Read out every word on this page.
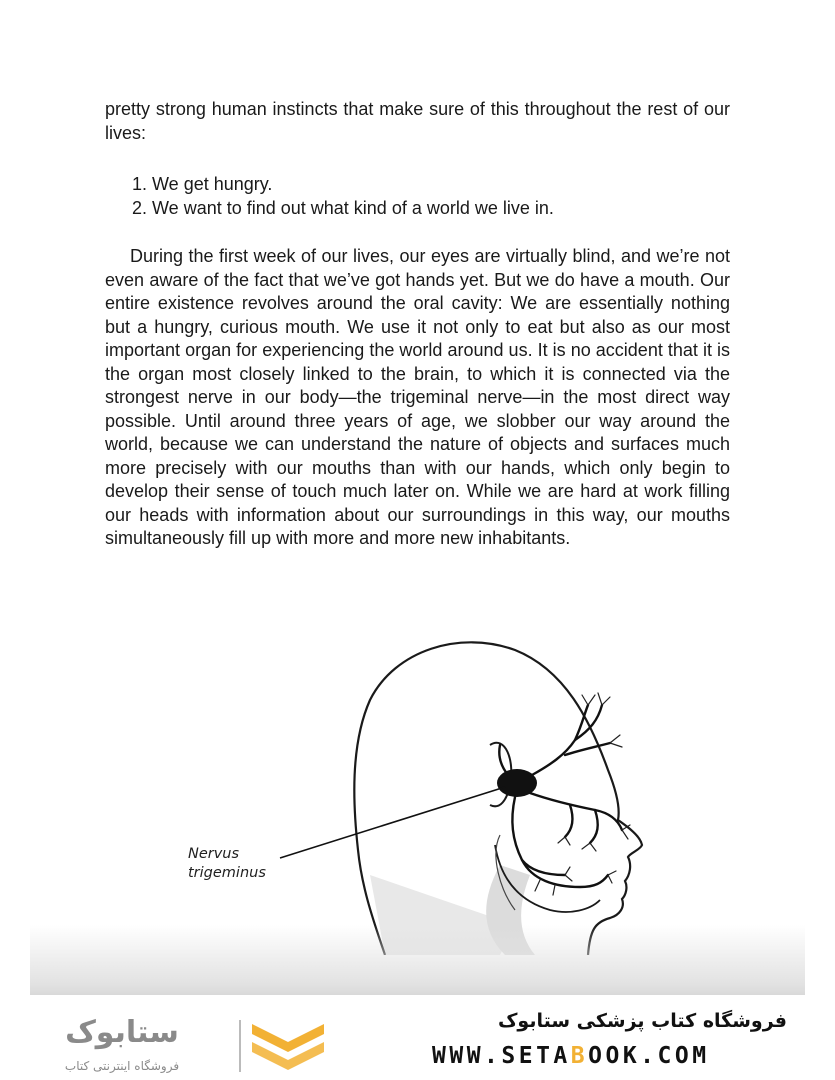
pretty strong human instincts that make sure of this throughout the rest of our lives:

1. We get hungry.
2. We want to find out what kind of a world we live in.

During the first week of our lives, our eyes are virtually blind, and we’re not even aware of the fact that we’ve got hands yet. But we do have a mouth. Our entire existence revolves around the oral cavity: We are essentially nothing but a hungry, curious mouth. We use it not only to eat but also as our most important organ for experiencing the world around us. It is no accident that it is the organ most closely linked to the brain, to which it is connected via the strongest nerve in our body—the trigeminal nerve—in the most direct way possible. Until around three years of age, we slobber our way around the world, because we can understand the nature of objects and surfaces much more precisely with our mouths than with our hands, which only begin to develop their sense of touch much later on. While we are hard at work filling our heads with information about our surroundings in this way, our mouths simultaneously fill up with more and more new inhabitants.

Nervus
trigeminus
ستابوک
فروشگاه اینترنتی کتاب
فروشگاه کتاب پزشکی ستابوک
WWW.SETABOOK.COM
